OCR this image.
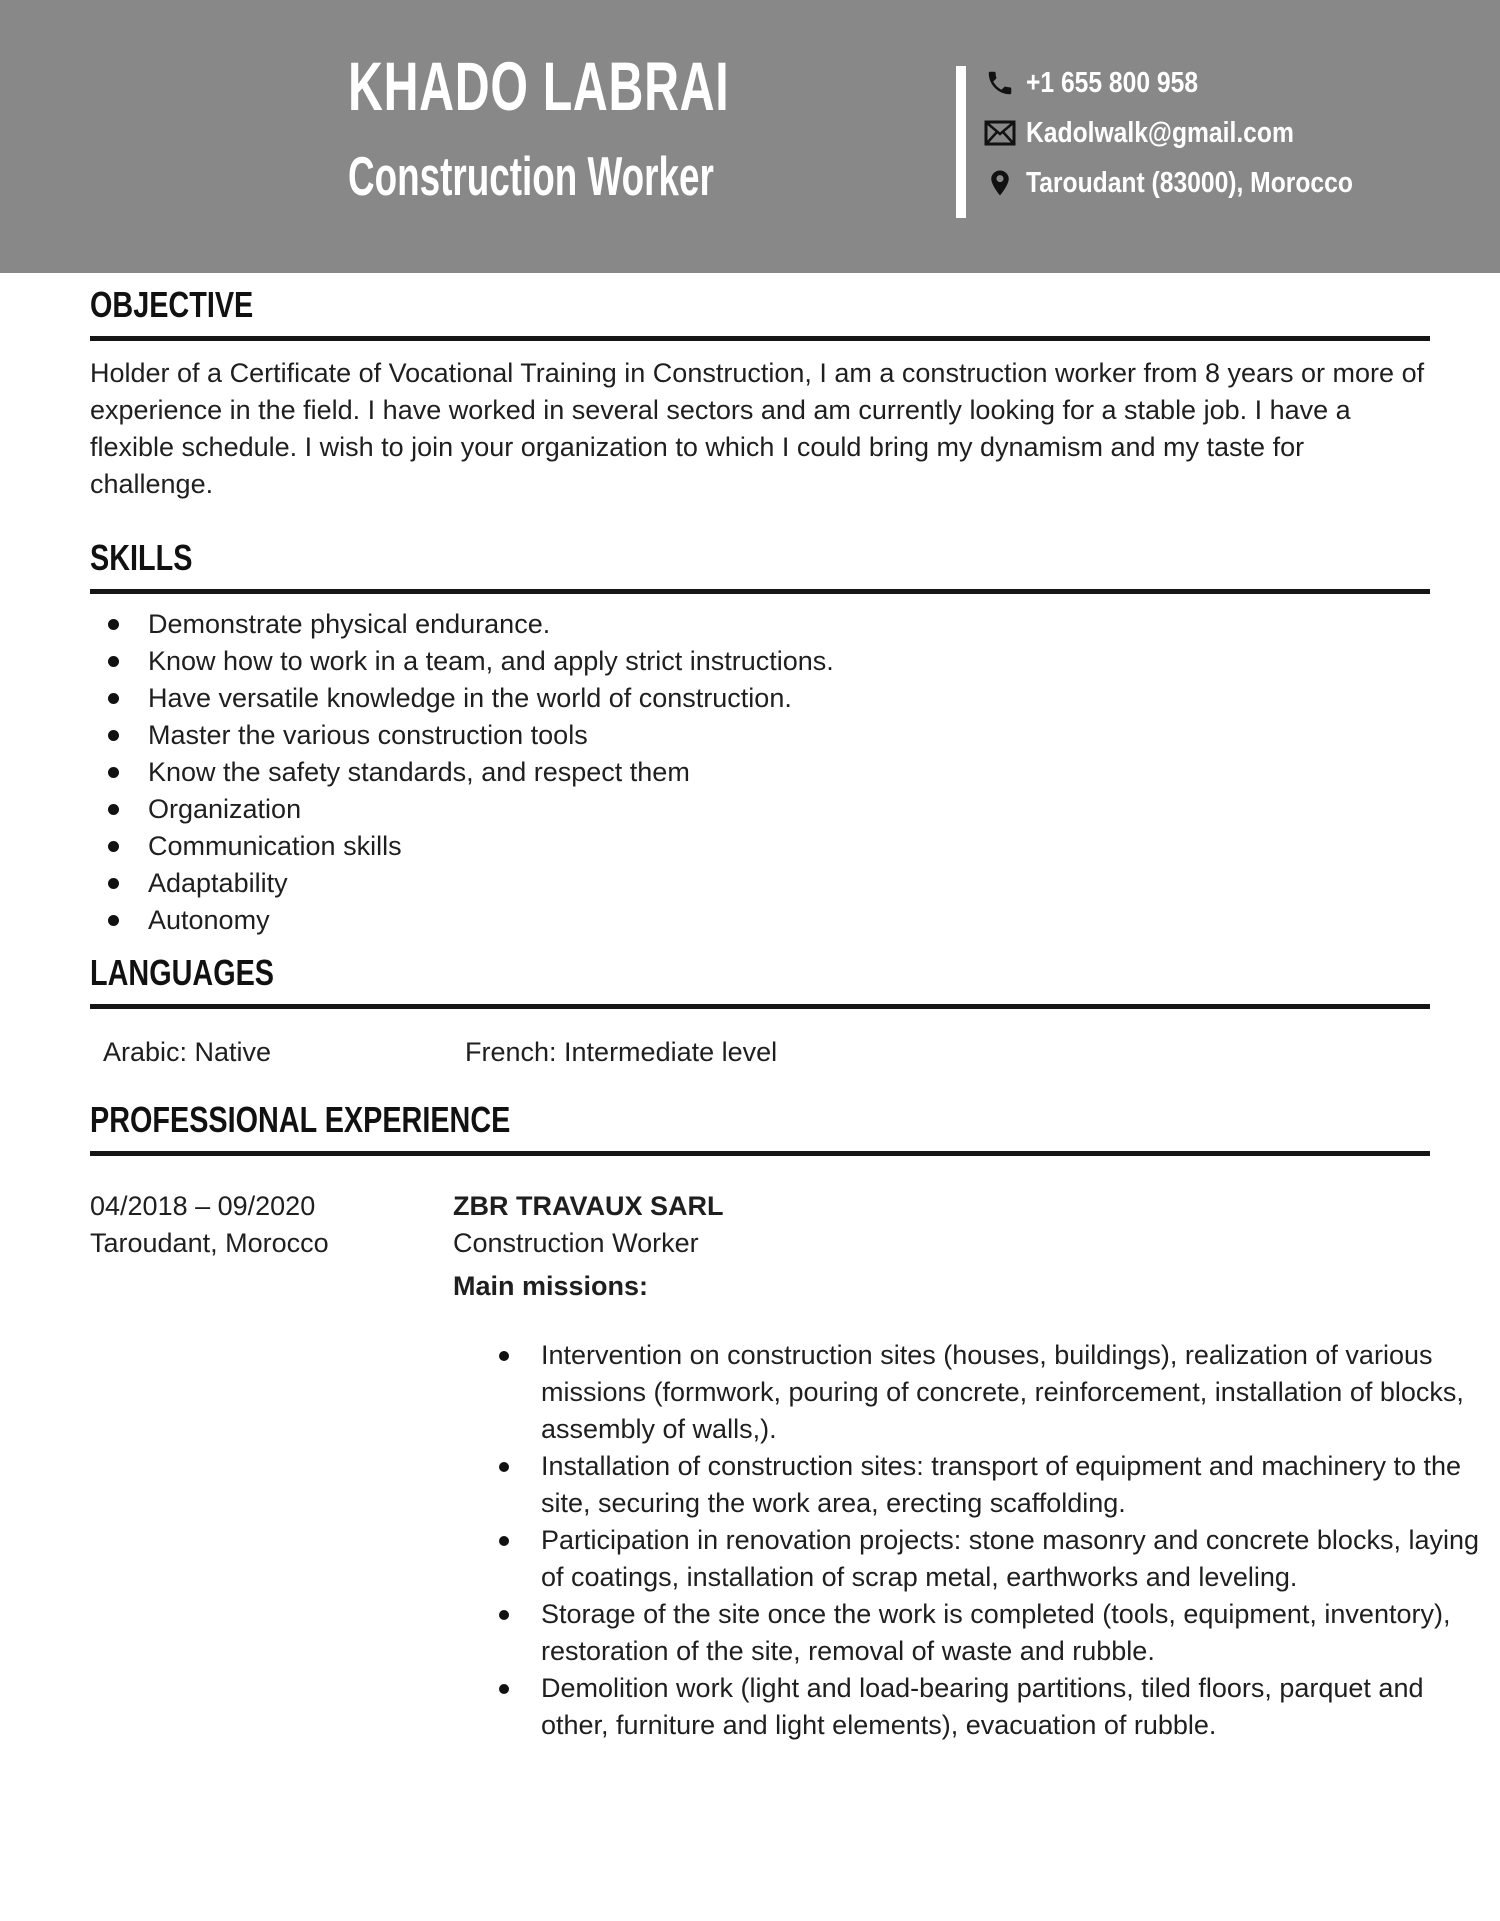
KHADO LABRAI
Construction Worker
+1 655 800 958
Kadolwalk@gmail.com
Taroudant (83000), Morocco
OBJECTIVE

Holder of a Certificate of Vocational Training in Construction, I am a construction worker from 8 years or more of experience in the field. I have worked in several sectors and am currently looking for a stable job. I have a flexible schedule. I wish to join your organization to which I could bring my dynamism and my taste for challenge.

SKILLS
Demonstrate physical endurance.
Know how to work in a team, and apply strict instructions.
Have versatile knowledge in the world of construction.
Master the various construction tools
Know the safety standards, and respect them
Organization
Communication skills
Adaptability
Autonomy
LANGUAGES
Arabic: Native	French: Intermediate level
PROFESSIONAL EXPERIENCE
04/2018 – 09/2020
Taroudant, Morocco
ZBR TRAVAUX SARL
Construction Worker
Main missions:
Intervention on construction sites (houses, buildings), realization of various missions (formwork, pouring of concrete, reinforcement, installation of blocks, assembly of walls,).
Installation of construction sites: transport of equipment and machinery to the site, securing the work area, erecting scaffolding.
Participation in renovation projects: stone masonry and concrete blocks, laying of coatings, installation of scrap metal, earthworks and leveling.
Storage of the site once the work is completed (tools, equipment, inventory), restoration of the site, removal of waste and rubble.
Demolition work (light and load-bearing partitions, tiled floors, parquet and other, furniture and light elements), evacuation of rubble.
